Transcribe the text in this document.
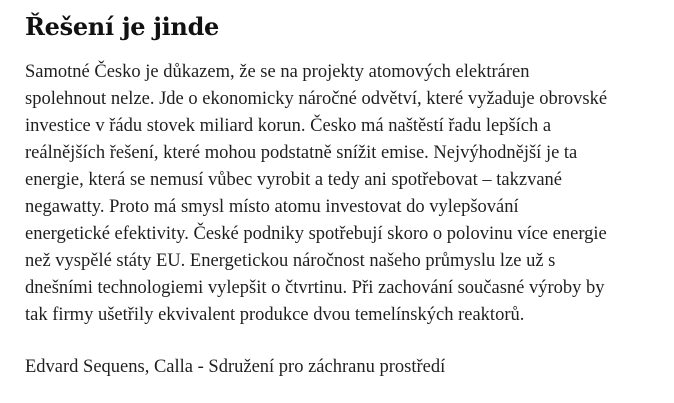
Řešení je jinde

Samotné Česko je důkazem, že se na projekty atomových elektráren
spolehnout nelze. Jde o ekonomicky náročné odvětví, které vyžaduje obrovské
investice v řádu stovek miliard korun. Česko má naštěstí řadu lepších a
reálnějších řešení, které mohou podstatně snížit emise. Nejvýhodnější je ta
energie, která se nemusí vůbec vyrobit a tedy ani spotřebovat – takzvané
negawatty. Proto má smysl místo atomu investovat do vylepšování
energetické efektivity. České podniky spotřebují skoro o polovinu více energie
než vyspělé státy EU. Energetickou náročnost našeho průmyslu lze už s
dnešními technologiemi vylepšit o čtvrtinu. Při zachování současné výroby by
tak firmy ušetřily ekvivalent produkce dvou temelínských reaktorů.

Edvard Sequens, Calla - Sdružení pro záchranu prostředí
